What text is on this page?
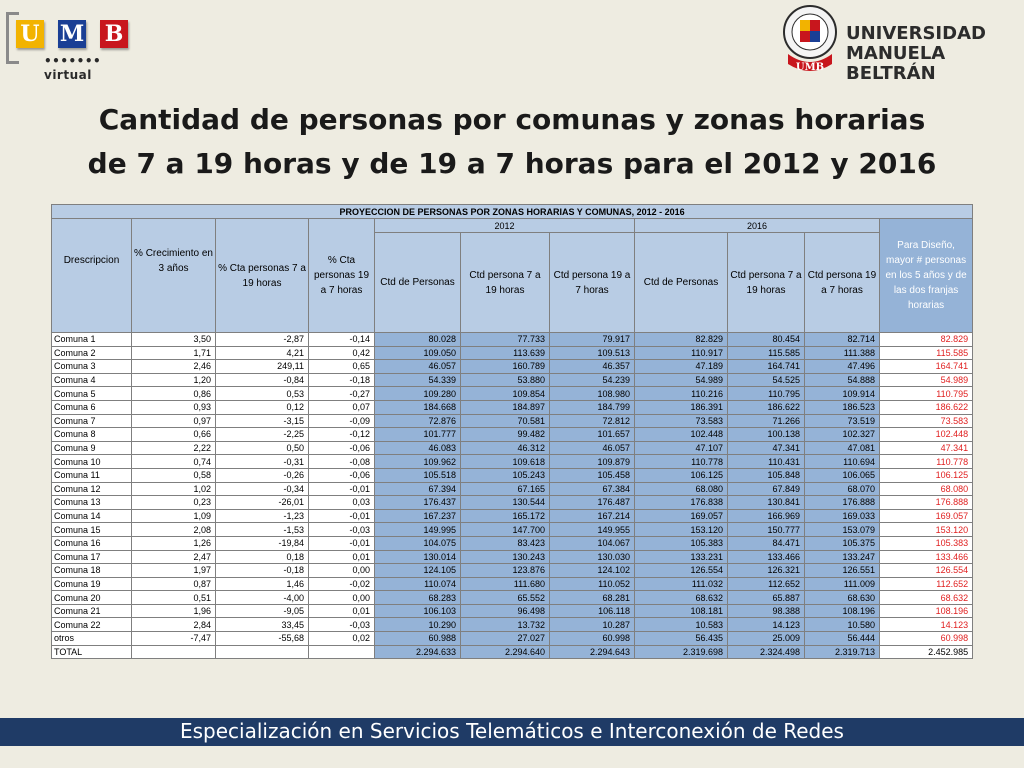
U M B
••••••• virtual
UMB
UNIVERSIDAD
MANUELA BELTRÁN
Cantidad de personas por comunas y zonas horarias
de 7 a 19 horas y de 19 a 7 horas para el 2012 y 2016
PROYECCION DE PERSONAS POR ZONAS HORARIAS Y COMUNAS, 2012 - 2016										
Drescripcion	% Crecimiento en 3 años	% Cta personas 7 a 19 horas	% Cta personas 19 a 7 horas	2012			2016			Para Diseño, mayor # personas en los 5 años y de las dos franjas horarias
				Ctd de Personas	Ctd persona 7 a 19 horas	Ctd persona 19 a 7 horas	Ctd de Personas	Ctd persona 7 a 19 horas	Ctd persona 19 a 7 horas	
Comuna 1	3,50	-2,87	-0,14	80.028	77.733	79.917	82.829	80.454	82.714	82.829
Comuna 2	1,71	4,21	0,42	109.050	113.639	109.513	110.917	115.585	111.388	115.585
Comuna 3	2,46	249,11	0,65	46.057	160.789	46.357	47.189	164.741	47.496	164.741
Comuna 4	1,20	-0,84	-0,18	54.339	53.880	54.239	54.989	54.525	54.888	54.989
Comuna 5	0,86	0,53	-0,27	109.280	109.854	108.980	110.216	110.795	109.914	110.795
Comuna 6	0,93	0,12	0,07	184.668	184.897	184.799	186.391	186.622	186.523	186.622
Comuna 7	0,97	-3,15	-0,09	72.876	70.581	72.812	73.583	71.266	73.519	73.583
Comuna 8	0,66	-2,25	-0,12	101.777	99.482	101.657	102.448	100.138	102.327	102.448
Comuna 9	2,22	0,50	-0,06	46.083	46.312	46.057	47.107	47.341	47.081	47.341
Comuna 10	0,74	-0,31	-0,08	109.962	109.618	109.879	110.778	110.431	110.694	110.778
Comuna 11	0,58	-0,26	-0,06	105.518	105.243	105.458	106.125	105.848	106.065	106.125
Comuna 12	1,02	-0,34	-0,01	67.394	67.165	67.384	68.080	67.849	68.070	68.080
Comuna 13	0,23	-26,01	0,03	176.437	130.544	176.487	176.838	130.841	176.888	176.888
Comuna 14	1,09	-1,23	-0,01	167.237	165.172	167.214	169.057	166.969	169.033	169.057
Comuna 15	2,08	-1,53	-0,03	149.995	147.700	149.955	153.120	150.777	153.079	153.120
Comuna 16	1,26	-19,84	-0,01	104.075	83.423	104.067	105.383	84.471	105.375	105.383
Comuna 17	2,47	0,18	0,01	130.014	130.243	130.030	133.231	133.466	133.247	133.466
Comuna 18	1,97	-0,18	0,00	124.105	123.876	124.102	126.554	126.321	126.551	126.554
Comuna 19	0,87	1,46	-0,02	110.074	111.680	110.052	111.032	112.652	111.009	112.652
Comuna 20	0,51	-4,00	0,00	68.283	65.552	68.281	68.632	65.887	68.630	68.632
Comuna 21	1,96	-9,05	0,01	106.103	96.498	106.118	108.181	98.388	108.196	108.196
Comuna 22	2,84	33,45	-0,03	10.290	13.732	10.287	10.583	14.123	10.580	14.123
otros	-7,47	-55,68	0,02	60.988	27.027	60.998	56.435	25.009	56.444	60.998
TOTAL				2.294.633	2.294.640	2.294.643	2.319.698	2.324.498	2.319.713	2.452.985
Especialización en Servicios Telemáticos e Interconexión de Redes
